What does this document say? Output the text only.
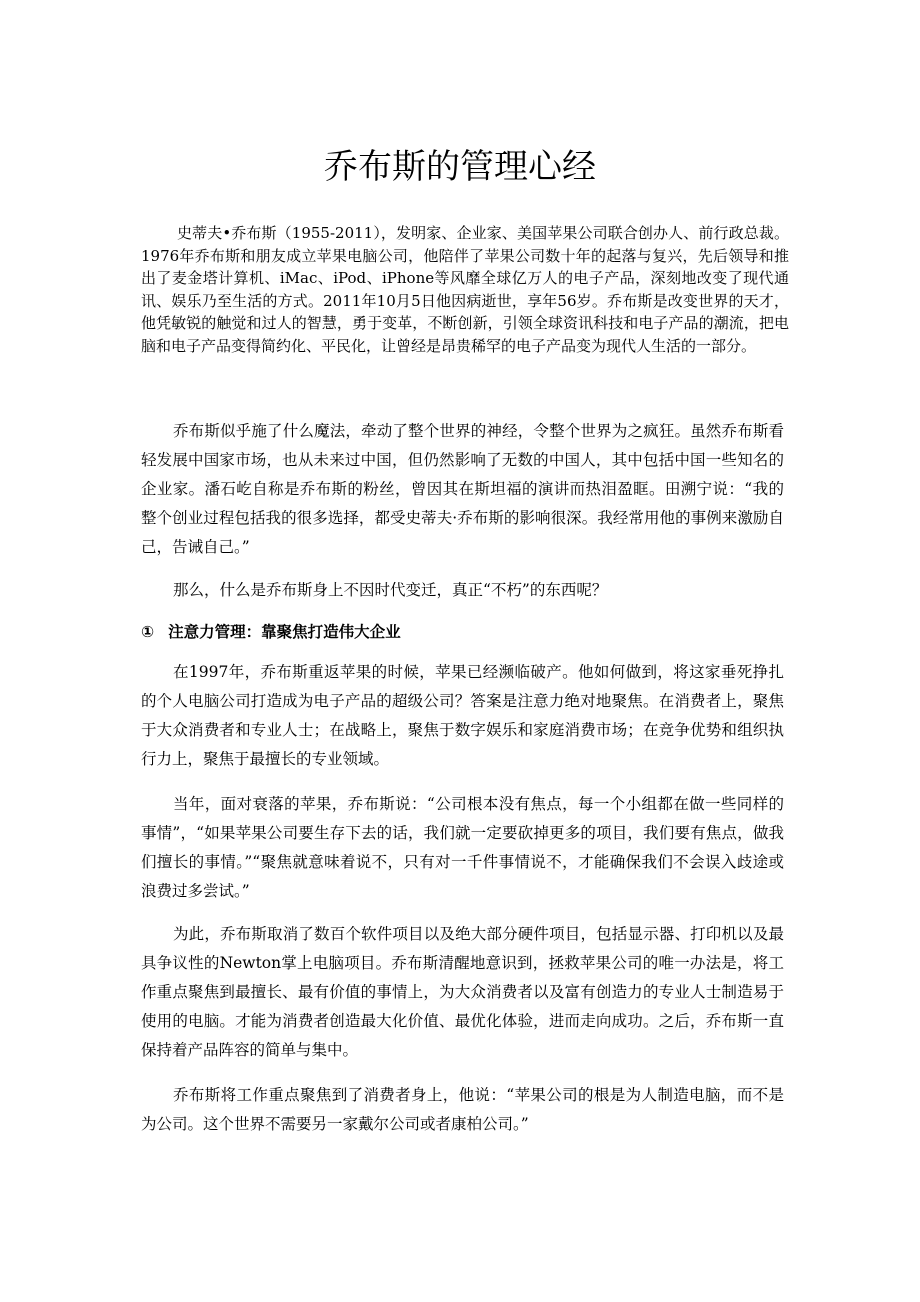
乔布斯的管理心经

史蒂夫•乔布斯（1955-2011），发明家、企业家、美国苹果公司联合创办人、前行政总裁。1976年乔布斯和朋友成立苹果电脑公司，他陪伴了苹果公司数十年的起落与复兴，先后领导和推出了麦金塔计算机、iMac、iPod、iPhone等风靡全球亿万人的电子产品，深刻地改变了现代通讯、娱乐乃至生活的方式。2011年10月5日他因病逝世，享年56岁。乔布斯是改变世界的天才，他凭敏锐的触觉和过人的智慧，勇于变革，不断创新，引领全球资讯科技和电子产品的潮流，把电脑和电子产品变得简约化、平民化，让曾经是昂贵稀罕的电子产品变为现代人生活的一部分。

乔布斯似乎施了什么魔法，牵动了整个世界的神经，令整个世界为之疯狂。虽然乔布斯看轻发展中国家市场，也从未来过中国，但仍然影响了无数的中国人，其中包括中国一些知名的企业家。潘石屹自称是乔布斯的粉丝，曾因其在斯坦福的演讲而热泪盈眶。田溯宁说：“我的整个创业过程包括我的很多选择，都受史蒂夫·乔布斯的影响很深。我经常用他的事例来激励自己，告诫自己。”

那么，什么是乔布斯身上不因时代变迁，真正“不朽”的东西呢？

① 注意力管理：靠聚焦打造伟大企业

在1997年，乔布斯重返苹果的时候，苹果已经濒临破产。他如何做到，将这家垂死挣扎的个人电脑公司打造成为电子产品的超级公司？答案是注意力绝对地聚焦。在消费者上，聚焦于大众消费者和专业人士；在战略上，聚焦于数字娱乐和家庭消费市场；在竞争优势和组织执行力上，聚焦于最擅长的专业领域。

当年，面对衰落的苹果，乔布斯说：“公司根本没有焦点，每一个小组都在做一些同样的事情”，“如果苹果公司要生存下去的话，我们就一定要砍掉更多的项目，我们要有焦点，做我们擅长的事情。”“聚焦就意味着说不，只有对一千件事情说不，才能确保我们不会误入歧途或浪费过多尝试。”

为此，乔布斯取消了数百个软件项目以及绝大部分硬件项目，包括显示器、打印机以及最具争议性的Newton掌上电脑项目。乔布斯清醒地意识到，拯救苹果公司的唯一办法是，将工作重点聚焦到最擅长、最有价值的事情上，为大众消费者以及富有创造力的专业人士制造易于使用的电脑。才能为消费者创造最大化价值、最优化体验，进而走向成功。之后，乔布斯一直保持着产品阵容的简单与集中。

乔布斯将工作重点聚焦到了消费者身上，他说：“苹果公司的根是为人制造电脑，而不是为公司。这个世界不需要另一家戴尔公司或者康柏公司。”
